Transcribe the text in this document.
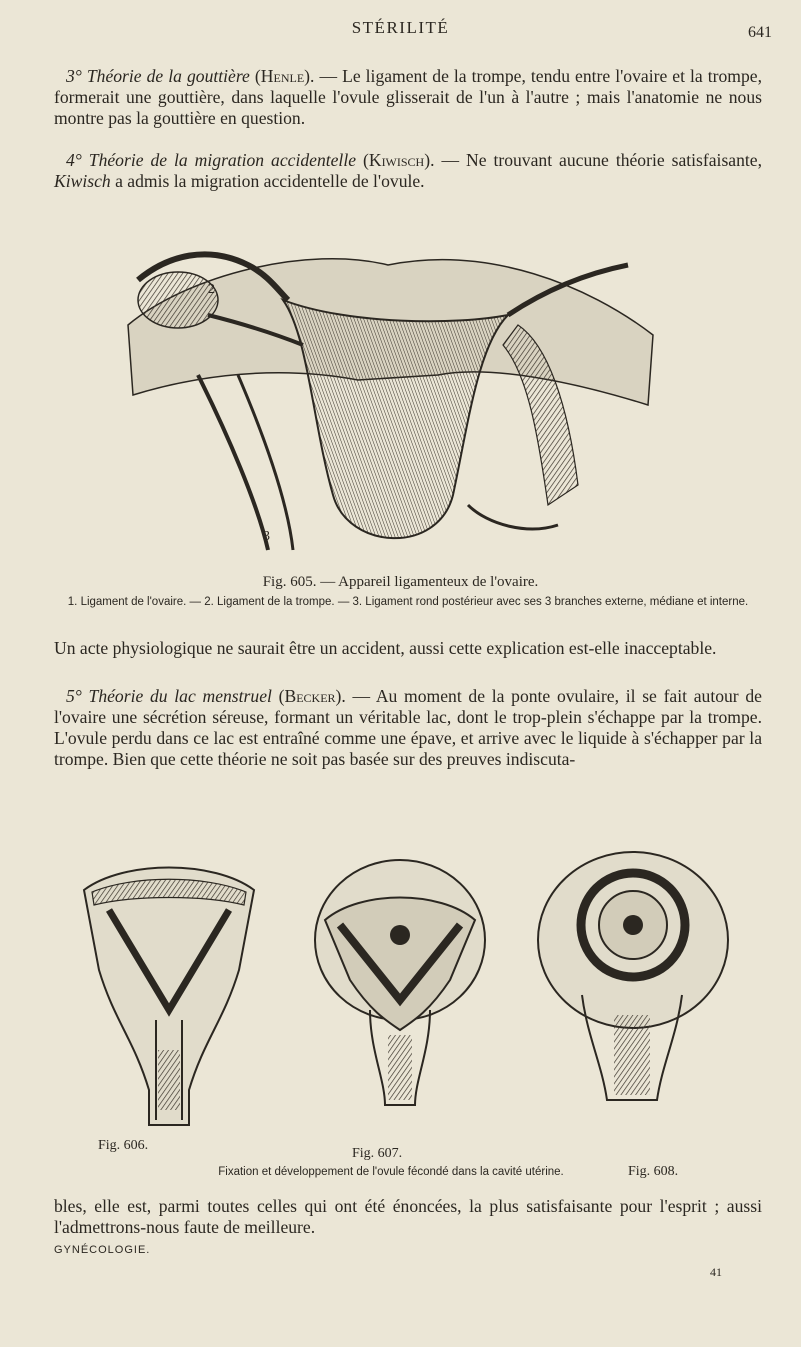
STÉRILITÉ	641

3° Théorie de la gouttière (Henle). — Le ligament de la trompe, tendu entre l'ovaire et la trompe, formerait une gouttière, dans laquelle l'ovule glisserait de l'un à l'autre ; mais l'anatomie ne nous montre pas la gouttière en question.

4° Théorie de la migration accidentelle (Kiwisch). — Ne trouvant aucune théorie satisfaisante, Kiwisch a admis la migration accidentelle de l'ovule.

2
3

Fig. 605. — Appareil ligamenteux de l'ovaire.

1. Ligament de l'ovaire. — 2. Ligament de la trompe. — 3. Ligament rond postérieur avec ses 3 branches externe, médiane et interne.

Un acte physiologique ne saurait être un accident, aussi cette explication est-elle inacceptable.

5° Théorie du lac menstruel (Becker). — Au moment de la ponte ovulaire, il se fait autour de l'ovaire une sécrétion séreuse, formant un véritable lac, dont le trop-plein s'échappe par la trompe. L'ovule perdu dans ce lac est entraîné comme une épave, et arrive avec le liquide à s'échapper par la trompe. Bien que cette théorie ne soit pas basée sur des preuves indiscuta-

Fig. 606.
Fig. 607.
Fig. 608.

Fixation et développement de l'ovule fécondé dans la cavité utérine.

bles, elle est, parmi toutes celles qui ont été énoncées, la plus satisfaisante pour l'esprit ; aussi l'admettrons-nous faute de meilleure.

GYNÉCOLOGIE.
41
